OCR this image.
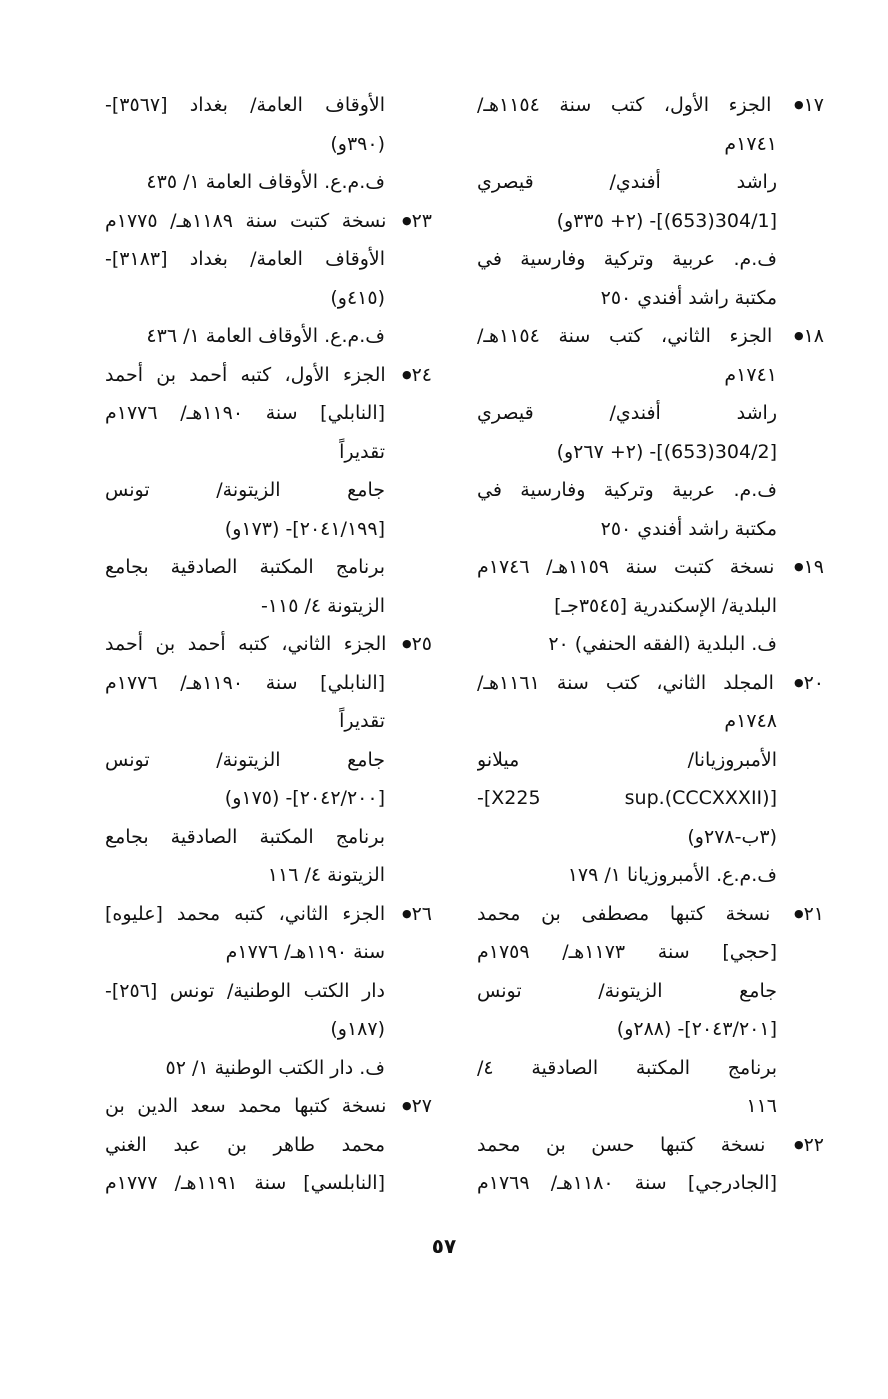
١٧● الجزء الأول، كتب سنة ١١٥٤هـ/
١٧٤١م
راشد أفندي/ قيصري
[304/1(653)]- (٢+ ٣٣٥و)
ف.م. عربية وتركية وفارسية في
مكتبة راشد أفندي ٢٥٠
١٨● الجزء الثاني، كتب سنة ١١٥٤هـ/
١٧٤١م
راشد أفندي/ قيصري
[304/2(653)]- (٢+ ٢٦٧و)
ف.م. عربية وتركية وفارسية في
مكتبة راشد أفندي ٢٥٠
١٩● نسخة كتبت سنة ١١٥٩هـ/ ١٧٤٦م
البلدية/ الإسكندرية [٣٥٤٥جـ]
ف. البلدية (الفقه الحنفي) ٢٠
٢٠● المجلد الثاني، كتب سنة ١١٦١هـ/
١٧٤٨م
الأمبروزيانا/ ميلانو
[X225 sup.(CCCXXXII)]-
(٣ب-٢٧٨و)
ف.م.ع. الأمبروزيانا ١/ ١٧٩
٢١● نسخة كتبها مصطفى بن محمد
[حجي] سنة ١١٧٣هـ/ ١٧٥٩م
جامع الزيتونة/ تونس
[٢٠٤٣/٢٠١]- (٢٨٨و)
برنامج المكتبة الصادقية ٤/
١١٦
٢٢● نسخة كتبها حسن بن محمد
[الجادرجي] سنة ١١٨٠هـ/ ١٧٦٩م
الأوقاف العامة/ بغداد [٣٥٦٧]-
(٣٩٠و)
ف.م.ع. الأوقاف العامة ١/ ٤٣٥
٢٣● نسخة كتبت سنة ١١٨٩هـ/ ١٧٧٥م
الأوقاف العامة/ بغداد [٣١٨٣]-
(٤١٥و)
ف.م.ع. الأوقاف العامة ١/ ٤٣٦
٢٤● الجزء الأول، كتبه أحمد بن أحمد
[النابلي] سنة ١١٩٠هـ/ ١٧٧٦م
تقديراً
جامع الزيتونة/ تونس
[٢٠٤١/١٩٩]- (١٧٣و)
برنامج المكتبة الصادقية بجامع
الزيتونة ٤/ ١١٥-
٢٥● الجزء الثاني، كتبه أحمد بن أحمد
[النابلي] سنة ١١٩٠هـ/ ١٧٧٦م
تقديراً
جامع الزيتونة/ تونس
[٢٠٤٢/٢٠٠]- (١٧٥و)
برنامج المكتبة الصادقية بجامع
الزيتونة ٤/ ١١٦
٢٦● الجزء الثاني، كتبه محمد [عليوه]
سنة ١١٩٠هـ/ ١٧٧٦م
دار الكتب الوطنية/ تونس [٢٥٦]-
(١٨٧و)
ف. دار الكتب الوطنية ١/ ٥٢
٢٧● نسخة كتبها محمد سعد الدين بن
محمد طاهر بن عبد الغني
[النابلسي] سنة ١١٩١هـ/ ١٧٧٧م
٥٧
